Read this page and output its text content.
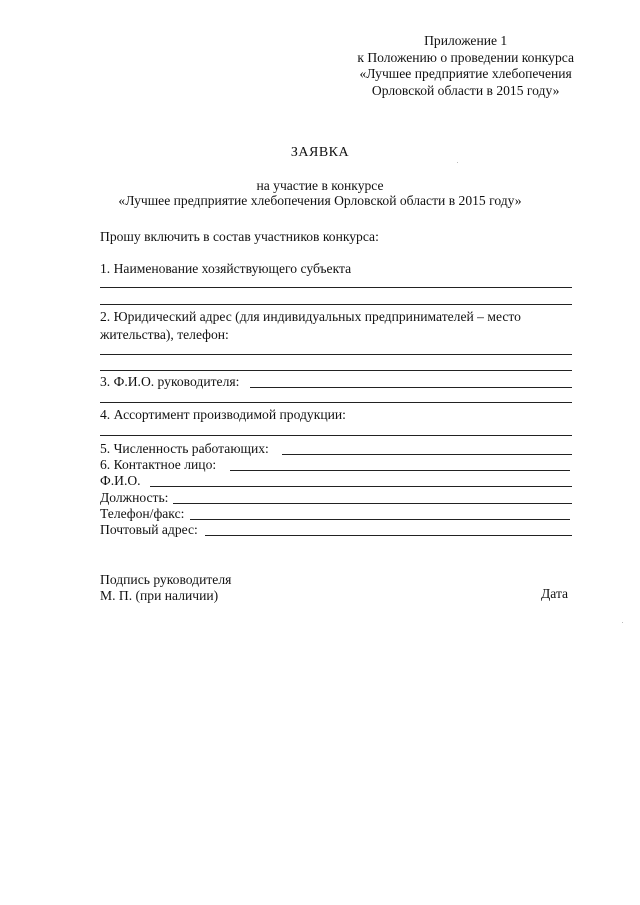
Приложение 1
к Положению о проведении конкурса
«Лучшее предприятие хлебопечения
Орловской области в 2015 году»
ЗАЯВКА
на участие в конкурсе
«Лучшее предприятие хлебопечения Орловской области в 2015 году»
Прошу включить в состав участников конкурса:
1. Наименование хозяйствующего субъекта
2. Юридический адрес (для индивидуальных предпринимателей – место
жительства), телефон:
3. Ф.И.О. руководителя:
4. Ассортимент производимой продукции:
5. Численность работающих:
6. Контактное лицо:
Ф.И.О.
Должность:
Телефон/факс:
Почтовый адрес:
Подпись руководителя
М. П. (при наличии)	Дата
